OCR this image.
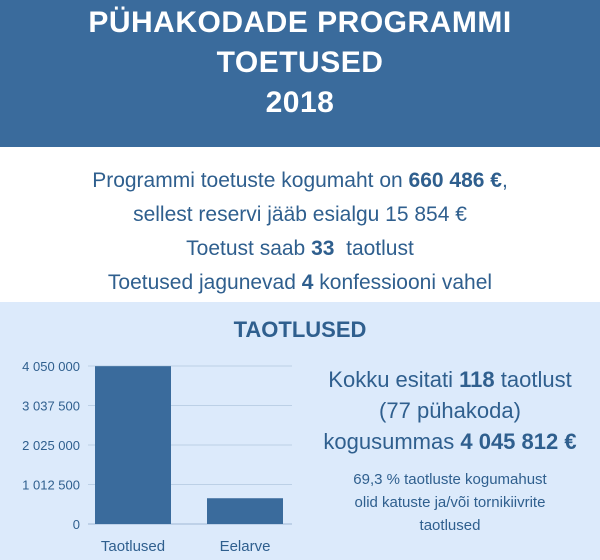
PÜHAKODADE PROGRAMMI
TOETUSED
2018
Programmi toetuste kogumaht on 660 486 €,
sellest reservi jääb esialgu 15 854 €
Toetust saab 33  taotlust
Toetused jagunevad 4 konfessiooni vahel
TAOTLUSED
0
1 012 500
2 025 000
3 037 500
4 050 000
Taotlused	Eelarve
Kokku esitati 118 taotlust
(77 pühakoda)
kogusummas 4 045 812 €
69,3 % taotluste kogumahust
olid katuste ja/või tornikiivrite
taotlused
